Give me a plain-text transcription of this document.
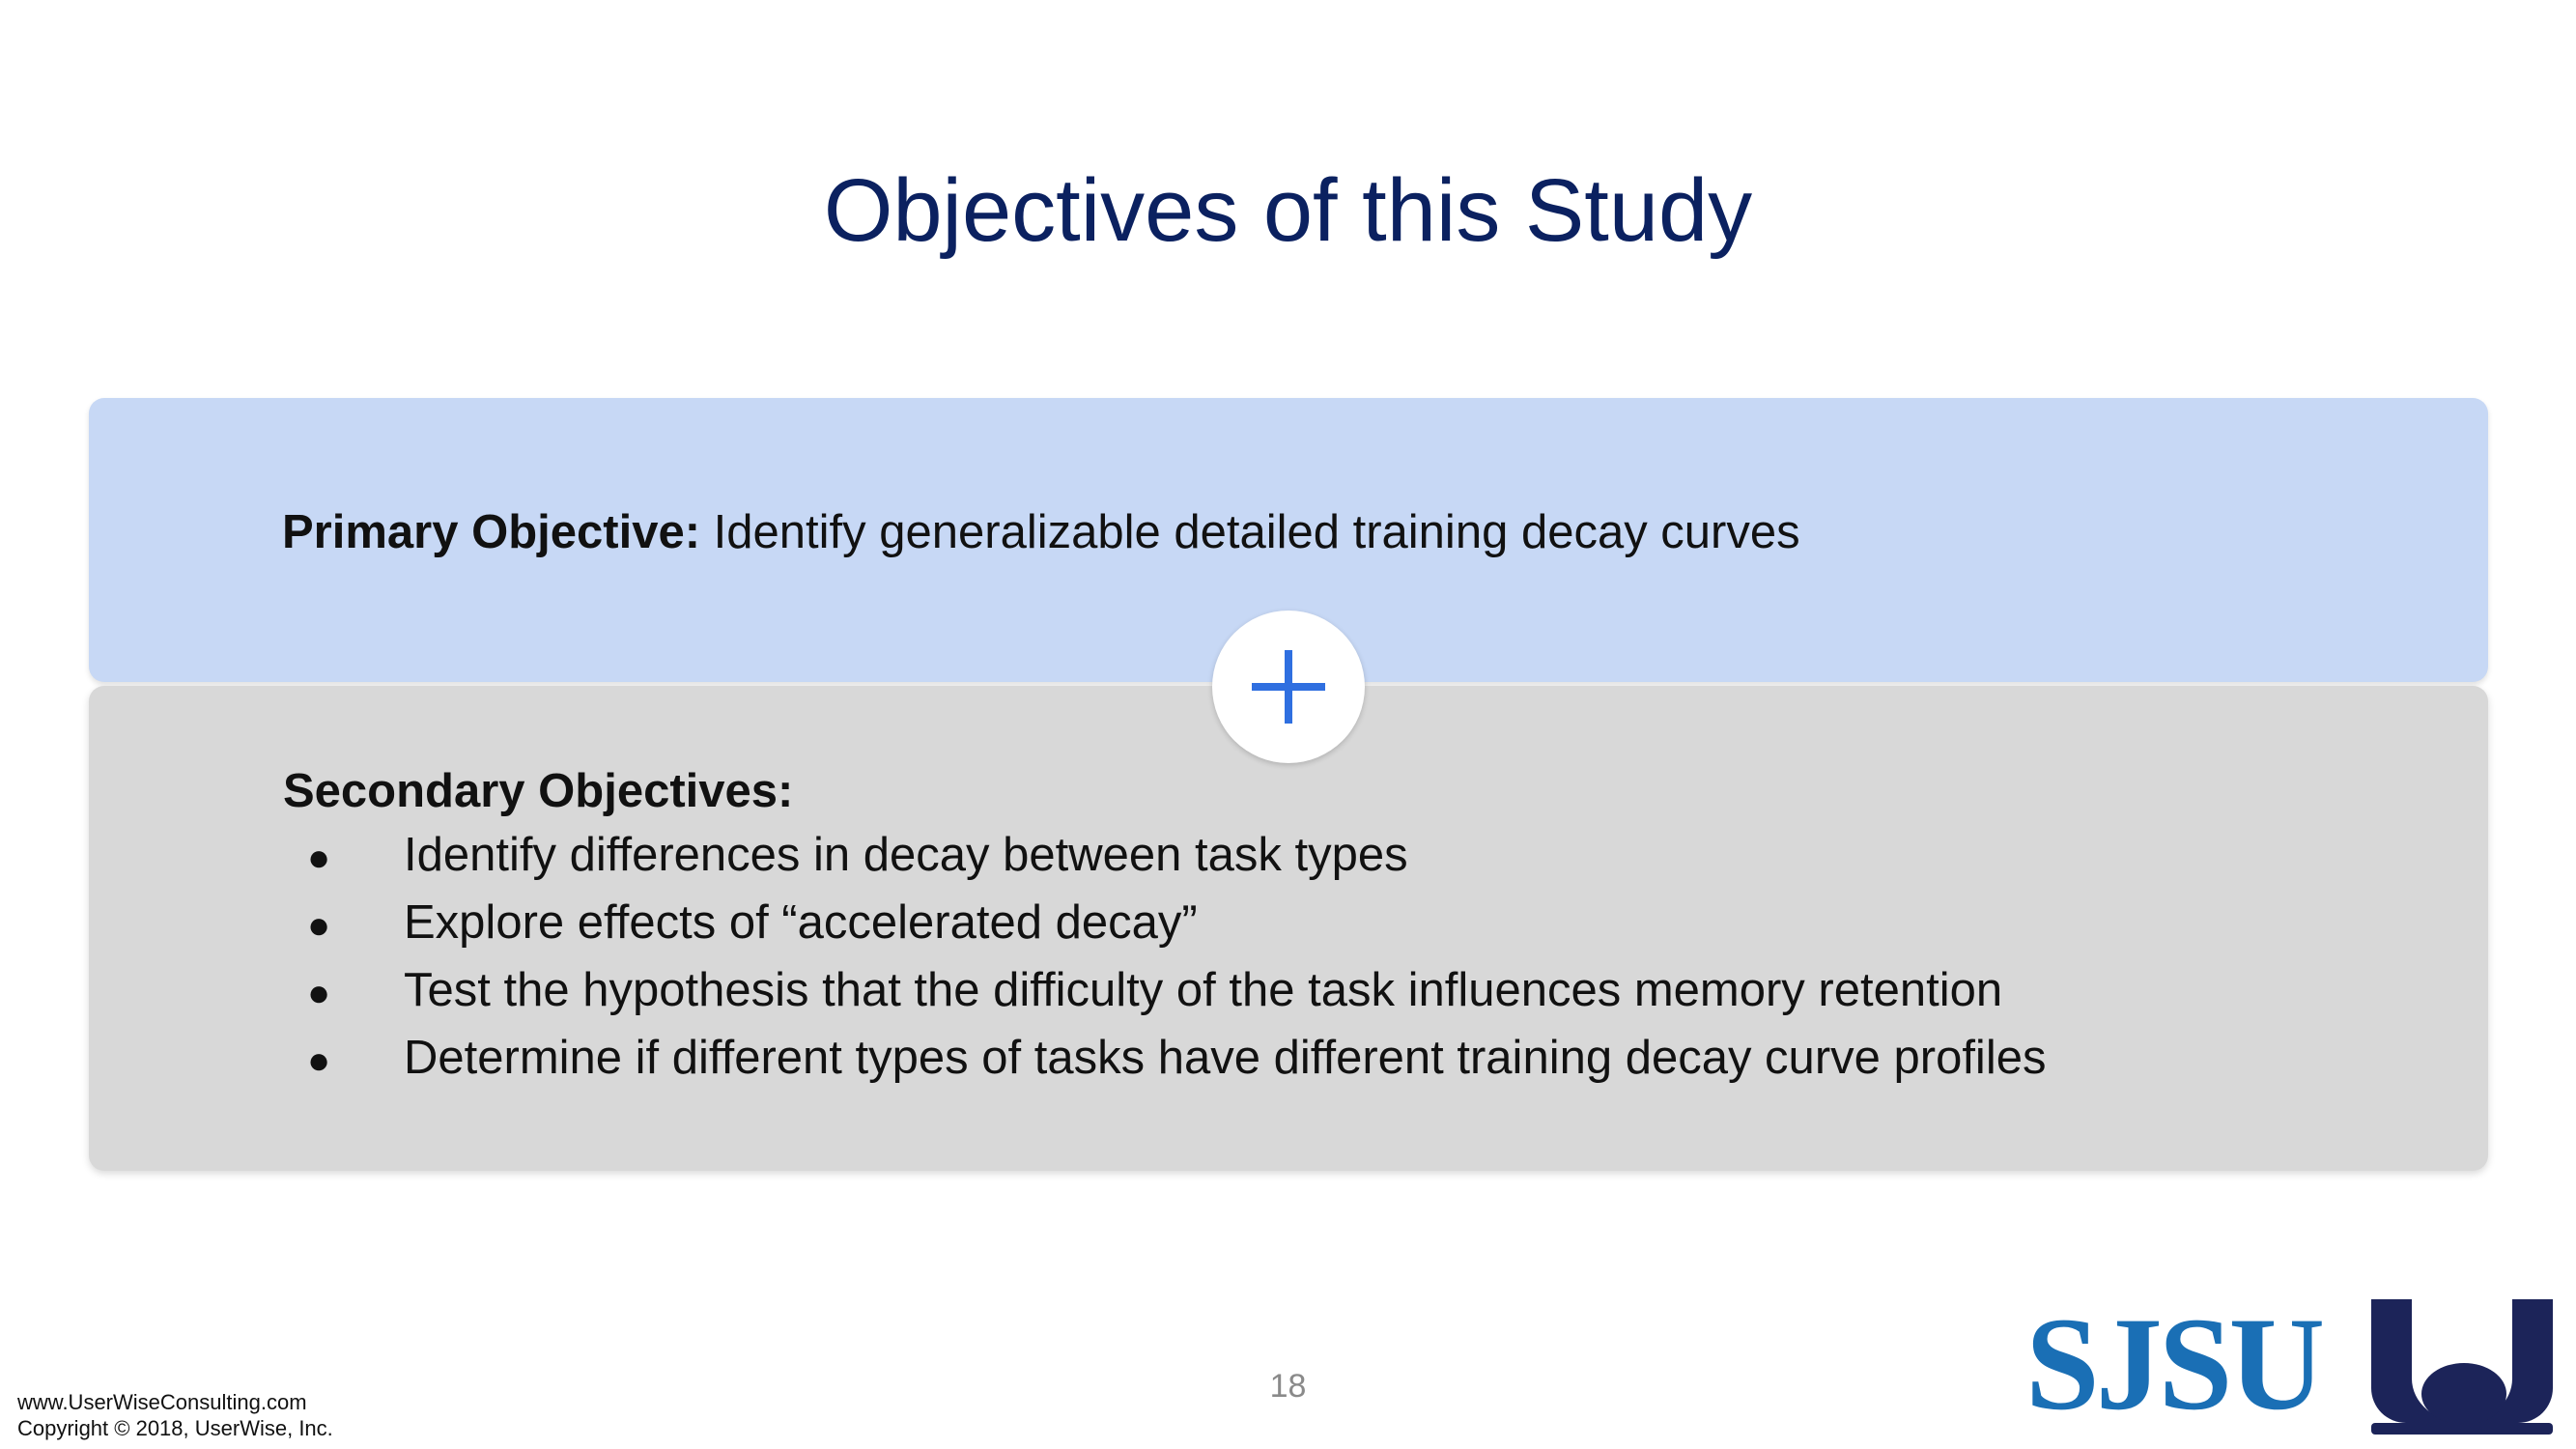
Objectives of this Study
Primary Objective: Identify generalizable detailed training decay curves
Secondary Objectives:
● Identify differences in decay between task types
● Explore effects of “accelerated decay”
● Test the hypothesis that the difficulty of the task influences memory retention
● Determine if different types of tasks have different training decay curve profiles
18
www.UserWiseConsulting.com
Copyright © 2018, UserWise, Inc.	SJSU
